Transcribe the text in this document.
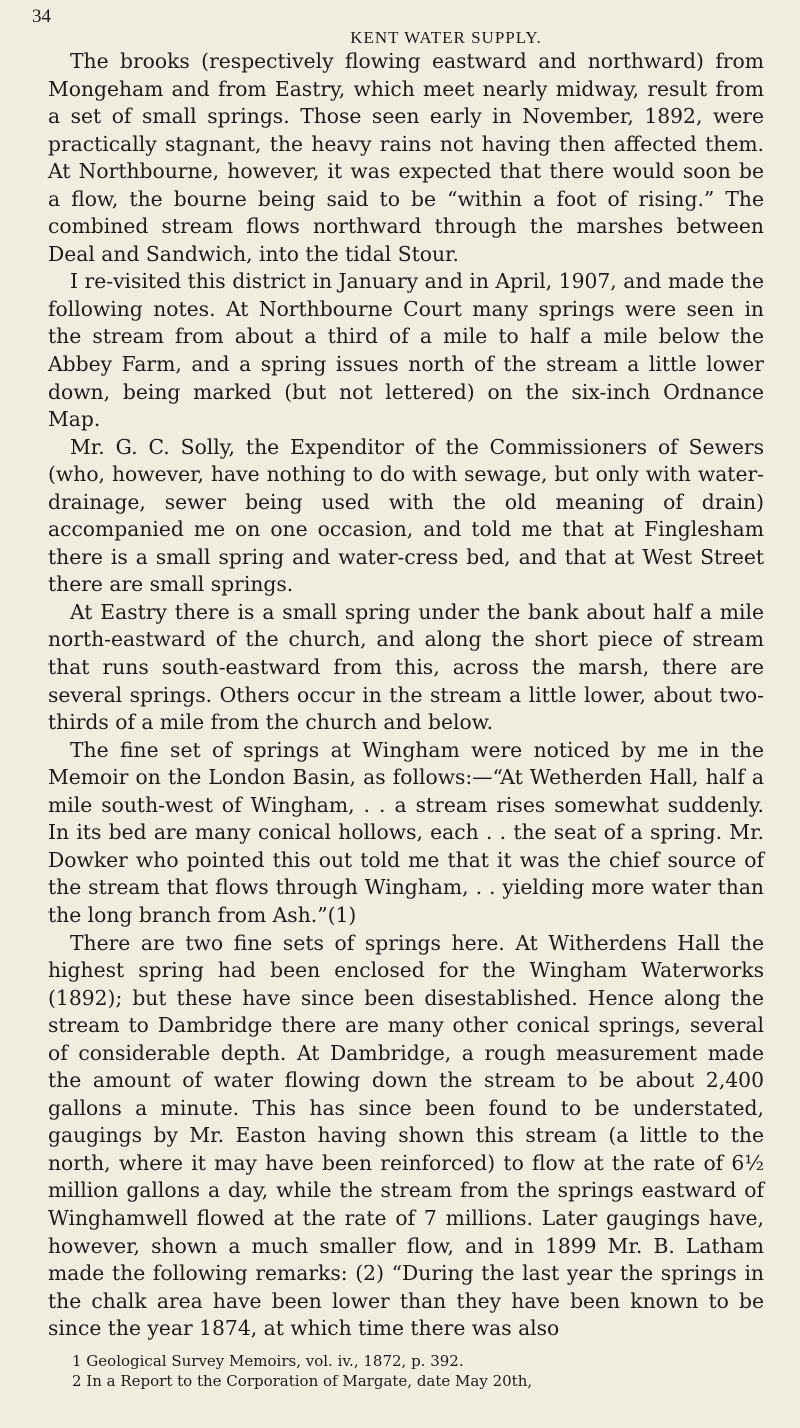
34
KENT WATER SUPPLY.

The brooks (respectively flowing eastward and northward) from Mongeham and from Eastry, which meet nearly midway, result from a set of small springs. Those seen early in November, 1892, were practically stagnant, the heavy rains not having then affected them. At Northbourne, however, it was expected that there would soon be a flow, the bourne being said to be “within a foot of rising.” The combined stream flows northward through the marshes between Deal and Sandwich, into the tidal Stour.

I re-visited this district in January and in April, 1907, and made the following notes. At Northbourne Court many springs were seen in the stream from about a third of a mile to half a mile below the Abbey Farm, and a spring issues north of the stream a little lower down, being marked (but not lettered) on the six-inch Ordnance Map.

Mr. G. C. Solly, the Expenditor of the Commissioners of Sewers (who, however, have nothing to do with sewage, but only with water-drainage, sewer being used with the old meaning of drain) accompanied me on one occasion, and told me that at Finglesham there is a small spring and water-cress bed, and that at West Street there are small springs.

At Eastry there is a small spring under the bank about half a mile north-eastward of the church, and along the short piece of stream that runs south-eastward from this, across the marsh, there are several springs. Others occur in the stream a little lower, about two-thirds of a mile from the church and below.

The fine set of springs at Wingham were noticed by me in the Memoir on the London Basin, as follows:—“At Wetherden Hall, half a mile south-west of Wingham, . . a stream rises somewhat suddenly. In its bed are many conical hollows, each . . the seat of a spring. Mr. Dowker who pointed this out told me that it was the chief source of the stream that flows through Wingham, . . yielding more water than the long branch from Ash.”(1)

There are two fine sets of springs here. At Witherdens Hall the highest spring had been enclosed for the Wingham Waterworks (1892); but these have since been disestablished. Hence along the stream to Dambridge there are many other conical springs, several of considerable depth. At Dambridge, a rough measurement made the amount of water flowing down the stream to be about 2,400 gallons a minute. This has since been found to be understated, gaugings by Mr. Easton having shown this stream (a little to the north, where it may have been reinforced) to flow at the rate of 6½ million gallons a day, while the stream from the springs eastward of Winghamwell flowed at the rate of 7 millions. Later gaugings have, however, shown a much smaller flow, and in 1899 Mr. B. Latham made the following remarks: (2) “During the last year the springs in the chalk area have been lower than they have been known to be since the year 1874, at which time there was also

1 Geological Survey Memoirs, vol. iv., 1872, p. 392.

2 In a Report to the Corporation of Margate, date May 20th,
